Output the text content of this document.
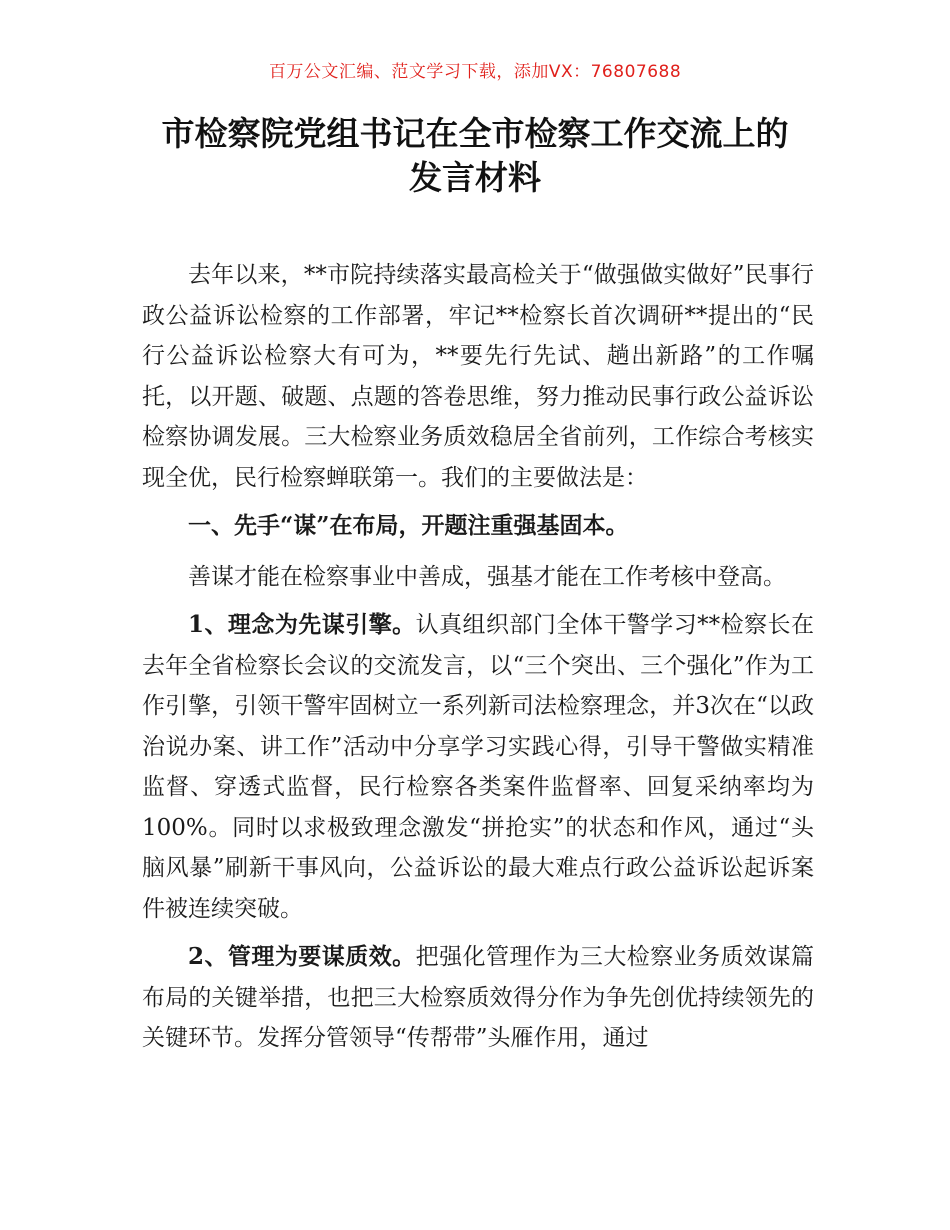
百万公文汇编、范文学习下载，添加VX：76807688
市检察院党组书记在全市检察工作交流上的
发言材料

去年以来，**市院持续落实最高检关于“做强做实做好”民事行政公益诉讼检察的工作部署，牢记**检察长首次调研**提出的“民行公益诉讼检察大有可为，**要先行先试、趟出新路”的工作嘱托，以开题、破题、点题的答卷思维，努力推动民事行政公益诉讼检察协调发展。三大检察业务质效稳居全省前列，工作综合考核实现全优，民行检察蝉联第一。我们的主要做法是：

一、先手“谋”在布局，开题注重强基固本。

善谋才能在检察事业中善成，强基才能在工作考核中登高。

1、理念为先谋引擎。认真组织部门全体干警学习**检察长在去年全省检察长会议的交流发言，以“三个突出、三个强化”作为工作引擎，引领干警牢固树立一系列新司法检察理念，并3次在“以政治说办案、讲工作”活动中分享学习实践心得，引导干警做实精准监督、穿透式监督，民行检察各类案件监督率、回复采纳率均为100%。同时以求极致理念激发“拼抢实”的状态和作风，通过“头脑风暴”刷新干事风向，公益诉讼的最大难点行政公益诉讼起诉案件被连续突破。

2、管理为要谋质效。把强化管理作为三大检察业务质效谋篇布局的关键举措，也把三大检察质效得分作为争先创优持续领先的关键环节。发挥分管领导“传帮带”头雁作用，通过
